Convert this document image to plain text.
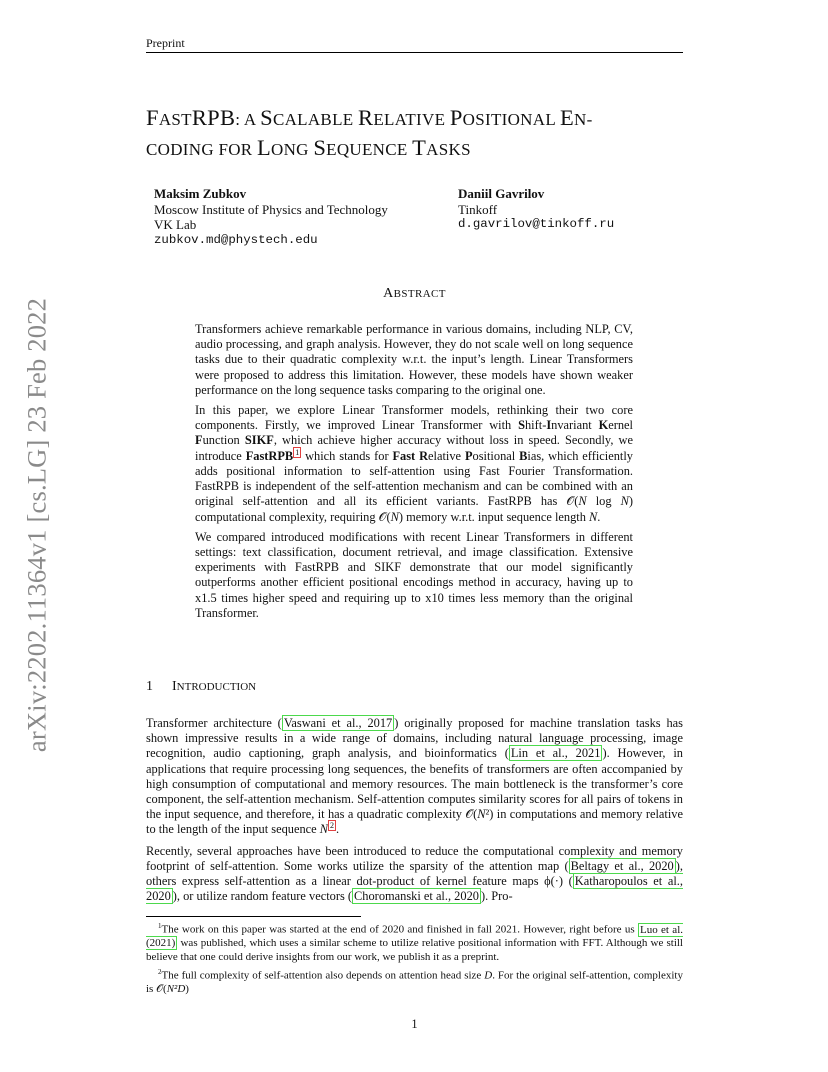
Preprint
arXiv:2202.11364v1 [cs.LG] 23 Feb 2022
FASTRPB: A SCALABLE RELATIVE POSITIONAL EN-
CODING FOR LONG SEQUENCE TASKS
Maksim Zubkov
Moscow Institute of Physics and Technology
VK Lab
zubkov.md@phystech.edu
Daniil Gavrilov
Tinkoff
d.gavrilov@tinkoff.ru
ABSTRACT

Transformers achieve remarkable performance in various domains, including NLP, CV, audio processing, and graph analysis. However, they do not scale well on long sequence tasks due to their quadratic complexity w.r.t. the input’s length. Linear Transformers were proposed to address this limitation. However, these models have shown weaker performance on the long sequence tasks comparing to the original one.

In this paper, we explore Linear Transformer models, rethinking their two core components. Firstly, we improved Linear Transformer with Shift-Invariant Kernel Function SIKF, which achieve higher accuracy without loss in speed. Secondly, we introduce FastRPB $^1$ which stands for Fast Relative Positional Bias, which efficiently adds positional information to self-attention using Fast Fourier Transformation. FastRPB is independent of the self-attention mechanism and can be combined with an original self-attention and all its efficient variants. FastRPB has 𝒪(N log N) computational complexity, requiring 𝒪(N) memory w.r.t. input sequence length N.

We compared introduced modifications with recent Linear Transformers in different settings: text classification, document retrieval, and image classification. Extensive experiments with FastRPB and SIKF demonstrate that our model significantly outperforms another efficient positional encodings method in accuracy, having up to x1.5 times higher speed and requiring up to x10 times less memory than the original Transformer.

1 INTRODUCTION

Transformer architecture ( Vaswani et al., 2017 ) originally proposed for machine translation tasks has shown impressive results in a wide range of domains, including natural language processing, image recognition, audio captioning, graph analysis, and bioinformatics ( Lin et al., 2021 ). However, in applications that require processing long sequences, the benefits of transformers are often accompanied by high consumption of computational and memory resources. The main bottleneck is the transformer’s core component, the self-attention mechanism. Self-attention computes similarity scores for all pairs of tokens in the input sequence, and therefore, it has a quadratic complexity 𝒪(N²) in computations and memory relative to the length of the input sequence N $^2$ .

Recently, several approaches have been introduced to reduce the computational complexity and memory footprint of self-attention. Some works utilize the sparsity of the attention map ( Beltagy et al., 2020 ), others express self-attention as a linear dot-product of kernel feature maps ϕ(·) ( Katharopoulos et al., 2020 ), or utilize random feature vectors ( Choromanski et al., 2020 ). Pro-

$^1$The work on this paper was started at the end of 2020 and finished in fall 2021. However, right before us Luo et al. (2021) was published, which uses a similar scheme to utilize relative positional information with FFT. Although we still believe that one could derive insights from our work, we publish it as a preprint.

$^2$The full complexity of self-attention also depends on attention head size D. For the original self-attention, complexity is 𝒪(N²D)

1
